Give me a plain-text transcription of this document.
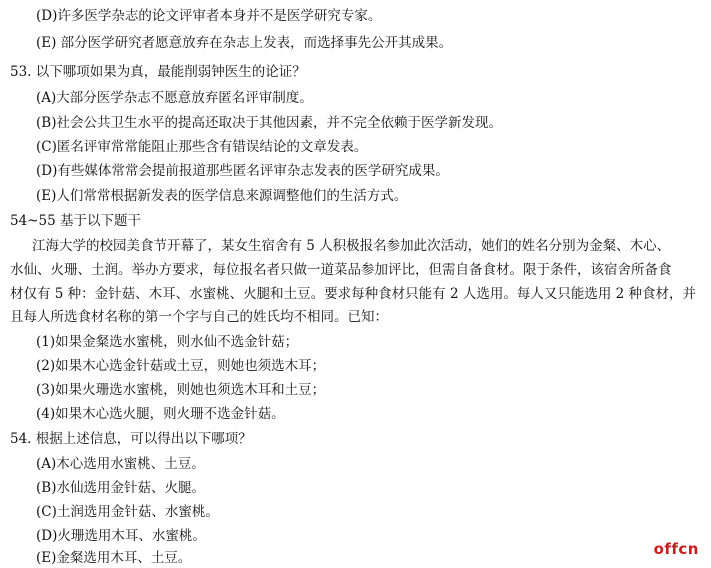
(D)许多医学杂志的论文评审者本身并不是医学研究专家。
(E) 部分医学研究者愿意放弃在杂志上发表，而选择事先公开其成果。
53. 以下哪项如果为真，最能削弱钟医生的论证？
(A)大部分医学杂志不愿意放弃匿名评审制度。
(B)社会公共卫生水平的提高还取决于其他因素，并不完全依赖于医学新发现。
(C)匿名评审常常能阻止那些含有错误结论的文章发表。
(D)有些媒体常常会提前报道那些匿名评审杂志发表的医学研究成果。
(E)人们常常根据新发表的医学信息来源调整他们的生活方式。
54~55 基于以下题干
江海大学的校园美食节开幕了，某女生宿舍有 5 人积极报名参加此次活动，她们的姓名分别为金粲、木心、
水仙、火珊、土润。举办方要求，每位报名者只做一道菜品参加评比，但需自备食材。限于条件，该宿舍所备食
材仅有 5 种：金针菇、木耳、水蜜桃、火腿和土豆。要求每种食材只能有 2 人选用。每人又只能选用 2 种食材，并
且每人所选食材名称的第一个字与自己的姓氏均不相同。已知：
(1)如果金粲选水蜜桃，则水仙不选金针菇；
(2)如果木心选金针菇或土豆，则她也须选木耳；
(3)如果火珊选水蜜桃，则她也须选木耳和土豆；
(4)如果木心选火腿，则火珊不选金针菇。
54. 根据上述信息，可以得出以下哪项？
(A)木心选用水蜜桃、土豆。
(B)水仙选用金针菇、火腿。
(C)土润选用金针菇、水蜜桃。
(D)火珊选用木耳、水蜜桃。
(E)金粲选用木耳、土豆。	offcn
